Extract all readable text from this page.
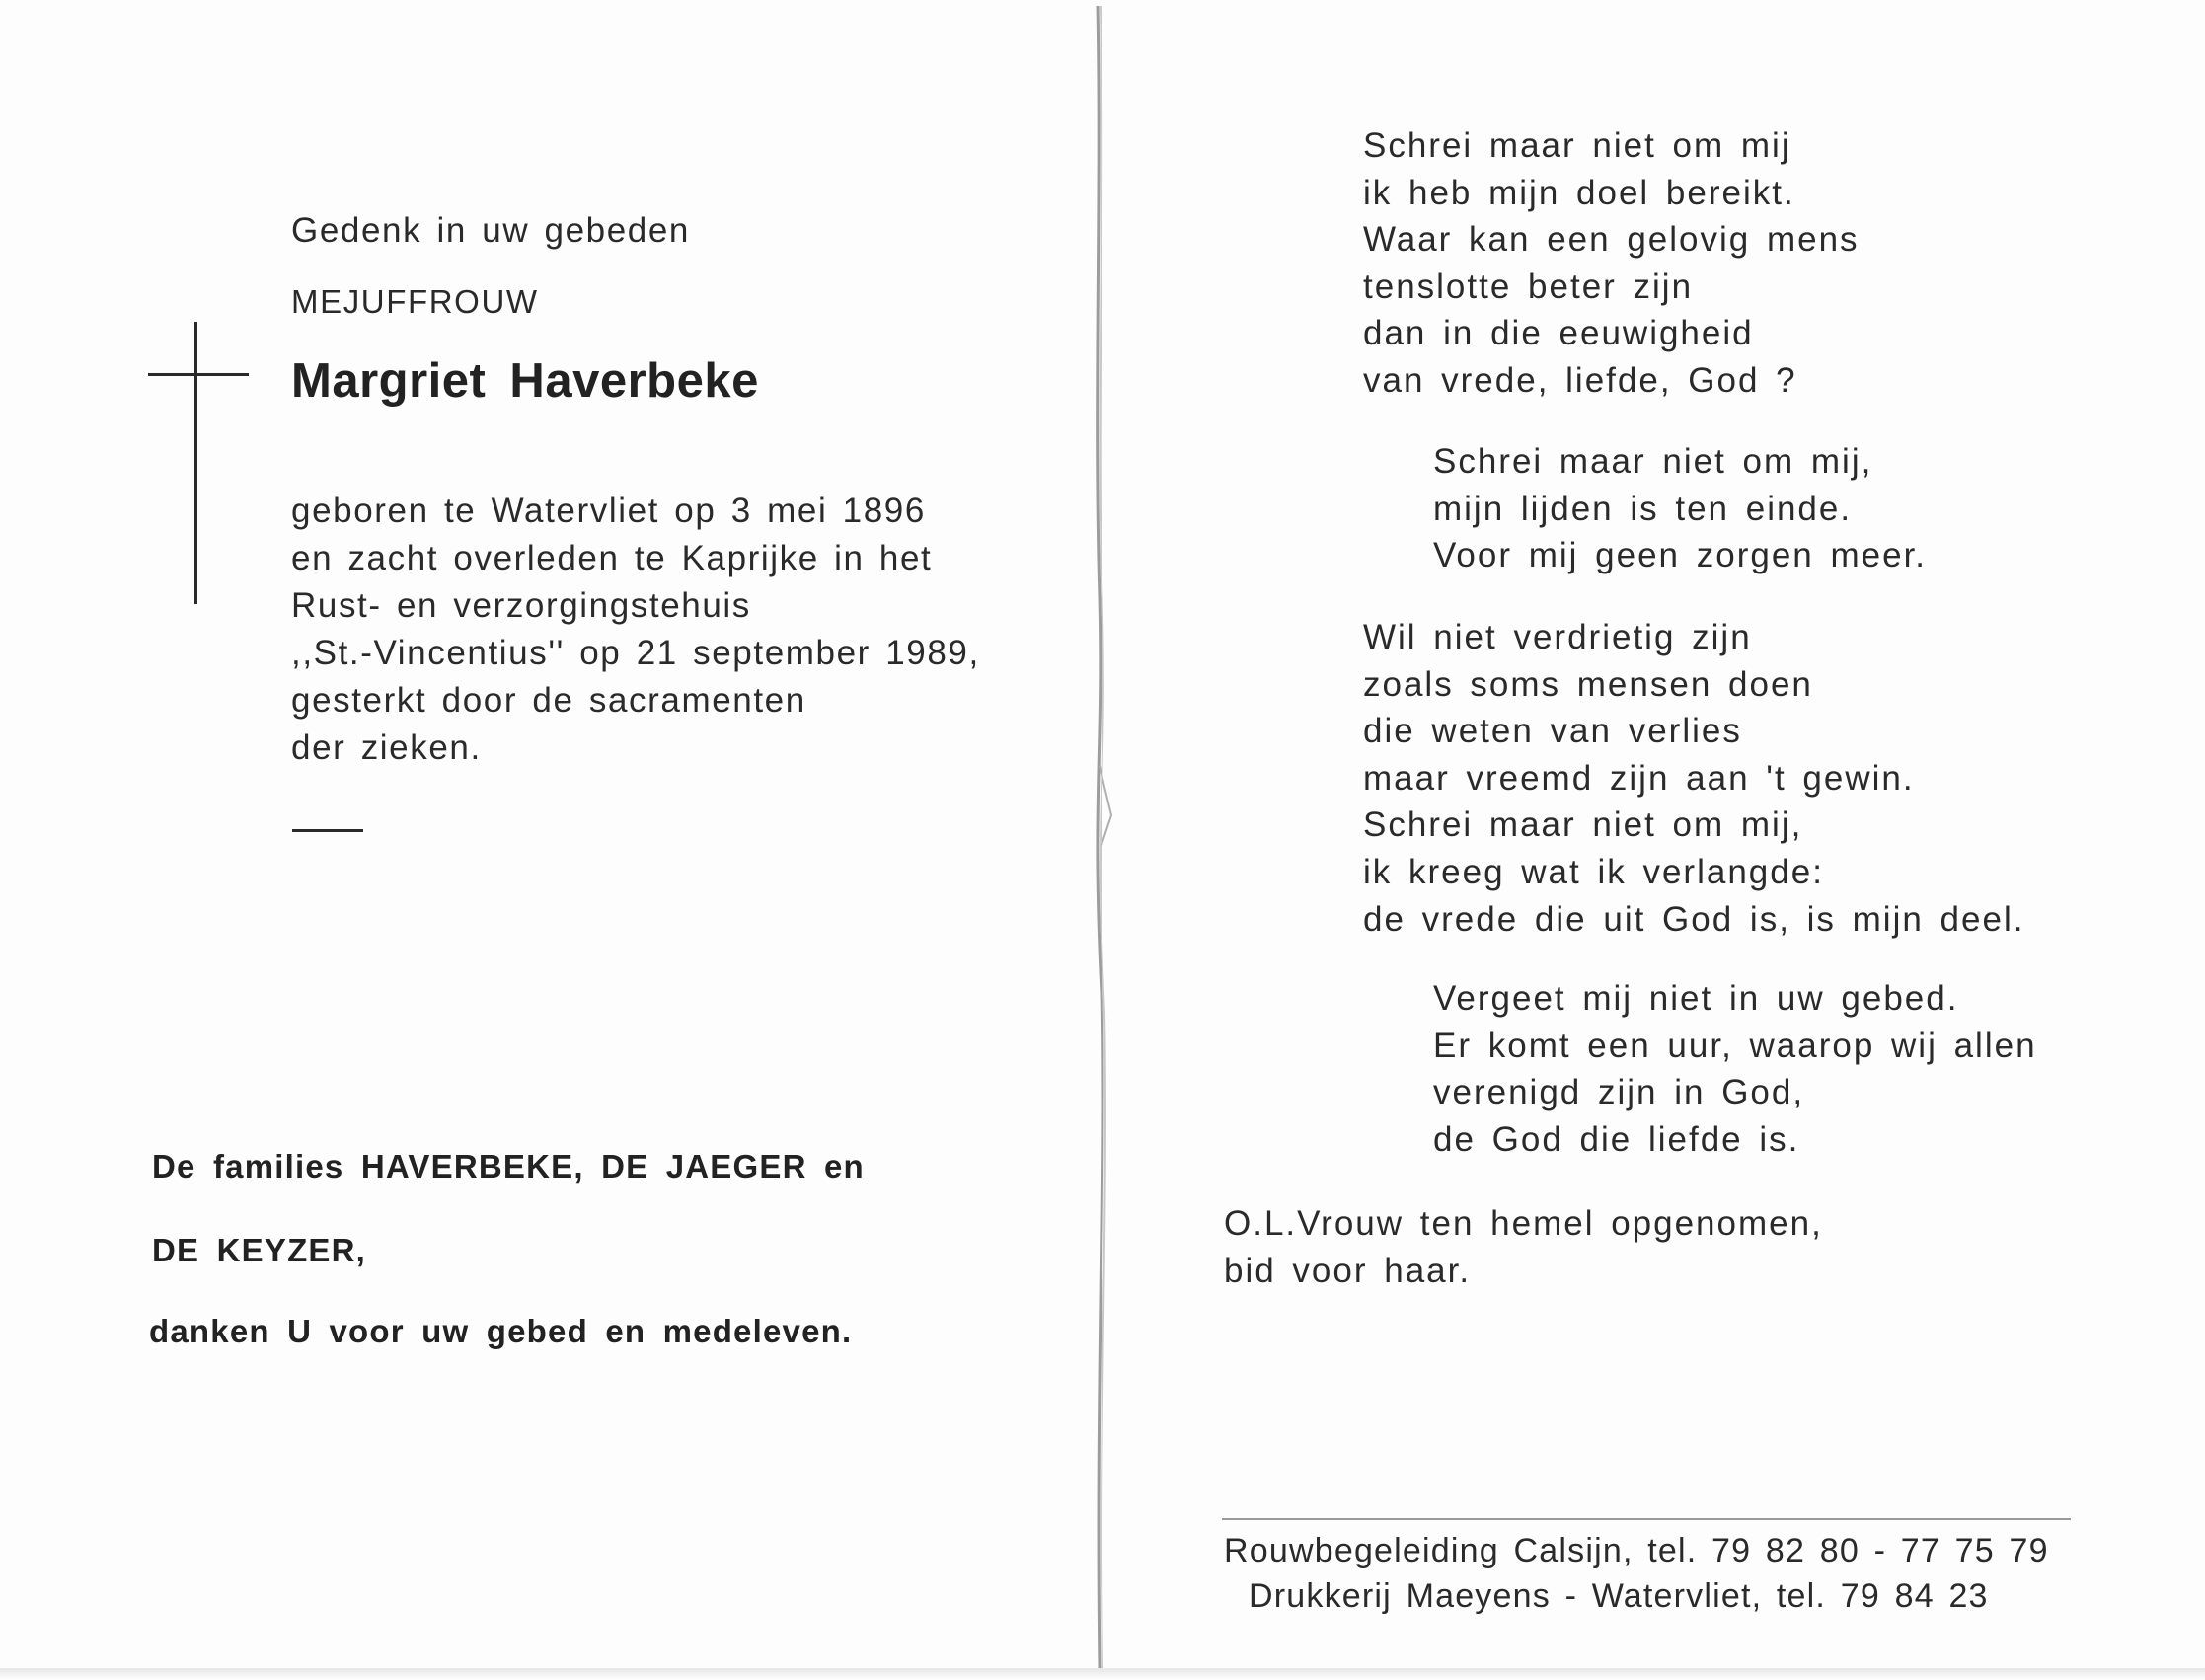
Gedenk in uw gebeden
MEJUFFROUW
Margriet Haverbeke
geboren te Watervliet op 3 mei 1896
en zacht overleden te Kaprijke in het
Rust- en verzorgingstehuis
,,St.-Vincentius'' op 21 september 1989,
gesterkt door de sacramenten
der zieken.
De families HAVERBEKE, DE JAEGER en
DE KEYZER,
danken U voor uw gebed en medeleven.
Schrei maar niet om mij
ik heb mijn doel bereikt.
Waar kan een gelovig mens
tenslotte beter zijn
dan in die eeuwigheid
van vrede, liefde, God ?
Schrei maar niet om mij,
mijn lijden is ten einde.
Voor mij geen zorgen meer.
Wil niet verdrietig zijn
zoals soms mensen doen
die weten van verlies
maar vreemd zijn aan 't gewin.
Schrei maar niet om mij,
ik kreeg wat ik verlangde:
de vrede die uit God is, is mijn deel.
Vergeet mij niet in uw gebed.
Er komt een uur, waarop wij allen
verenigd zijn in God,
de God die liefde is.
O.L.Vrouw ten hemel opgenomen,
bid voor haar.
Rouwbegeleiding Calsijn, tel. 79 82 80 - 77 75 79
Drukkerij Maeyens - Watervliet, tel. 79 84 23
